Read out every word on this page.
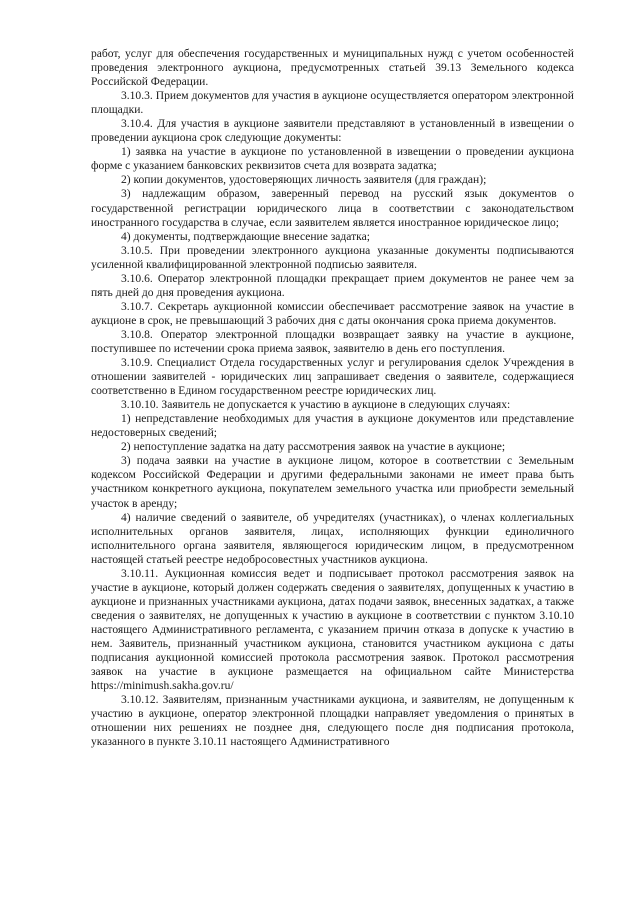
работ, услуг для обеспечения государственных и муниципальных нужд с учетом особенностей проведения электронного аукциона, предусмотренных статьей 39.13 Земельного кодекса Российской Федерации.

3.10.3. Прием документов для участия в аукционе осуществляется оператором электронной площадки.

3.10.4. Для участия в аукционе заявители представляют в установленный в извещении о проведении аукциона срок следующие документы:

1) заявка на участие в аукционе по установленной в извещении о проведении аукциона форме с указанием банковских реквизитов счета для возврата задатка;

2) копии документов, удостоверяющих личность заявителя (для граждан);

3) надлежащим образом, заверенный перевод на русский язык документов о государственной регистрации юридического лица в соответствии с законодательством иностранного государства в случае, если заявителем является иностранное юридическое лицо;

4) документы, подтверждающие внесение задатка;

3.10.5. При проведении электронного аукциона указанные документы подписываются усиленной квалифицированной электронной подписью заявителя.

3.10.6. Оператор электронной площадки прекращает прием документов не ранее чем за пять дней до дня проведения аукциона.

3.10.7. Секретарь аукционной комиссии обеспечивает рассмотрение заявок на участие в аукционе в срок, не превышающий 3 рабочих дня с даты окончания срока приема документов.

3.10.8. Оператор электронной площадки возвращает заявку на участие в аукционе, поступившее по истечении срока приема заявок, заявителю в день его поступления.

3.10.9. Специалист Отдела государственных услуг и регулирования сделок Учреждения в отношении заявителей - юридических лиц запрашивает сведения о заявителе, содержащиеся соответственно в Едином государственном реестре юридических лиц.

3.10.10. Заявитель не допускается к участию в аукционе в следующих случаях:

1) непредставление необходимых для участия в аукционе документов или представление недостоверных сведений;

2) непоступление задатка на дату рассмотрения заявок на участие в аукционе;

3) подача заявки на участие в аукционе лицом, которое в соответствии с Земельным кодексом Российской Федерации и другими федеральными законами не имеет права быть участником конкретного аукциона, покупателем земельного участка или приобрести земельный участок в аренду;

4) наличие сведений о заявителе, об учредителях (участниках), о членах коллегиальных исполнительных органов заявителя, лицах, исполняющих функции единоличного исполнительного органа заявителя, являющегося юридическим лицом, в предусмотренном настоящей статьей реестре недобросовестных участников аукциона.

3.10.11. Аукционная комиссия ведет и подписывает протокол рассмотрения заявок на участие в аукционе, который должен содержать сведения о заявителях, допущенных к участию в аукционе и признанных участниками аукциона, датах подачи заявок, внесенных задатках, а также сведения о заявителях, не допущенных к участию в аукционе в соответствии с пунктом 3.10.10 настоящего Административного регламента, с указанием причин отказа в допуске к участию в нем. Заявитель, признанный участником аукциона, становится участником аукциона с даты подписания аукционной комиссией протокола рассмотрения заявок. Протокол рассмотрения заявок на участие в аукционе размещается на официальном сайте Министерства https://minimush.sakha.gov.ru/

3.10.12. Заявителям, признанным участниками аукциона, и заявителям, не допущенным к участию в аукционе, оператор электронной площадки направляет уведомления о принятых в отношении них решениях не позднее дня, следующего после дня подписания протокола, указанного в пункте 3.10.11 настоящего Административного
